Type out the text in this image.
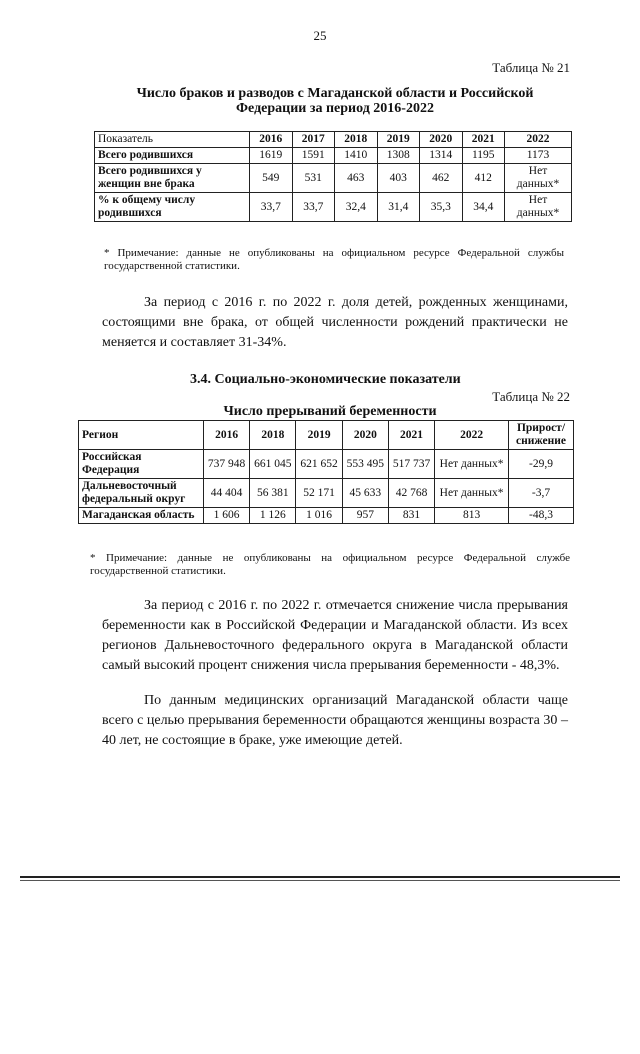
25
Таблица № 21
Число браков и разводов с Магаданской области и Российской Федерации за период 2016-2022
Показатель	2016	2017	2018	2019	2020	2021	2022
Всего родившихся	1619	1591	1410	1308	1314	1195	1173
Всего родившихся у женщин вне брака	549	531	463	403	462	412	Нет данных*
% к общему числу родившихся	33,7	33,7	32,4	31,4	35,3	34,4	Нет данных*
* Примечание: данные не опубликованы на официальном ресурсе Федеральной службы государственной статистики.
За период с 2016 г. по 2022 г. доля детей, рожденных женщинами, состоящими вне брака, от общей численности рождений практически не меняется и составляет 31-34%.
3.4. Социально-экономические показатели
Таблица № 22
Число прерываний беременности
Регион	2016	2018	2019	2020	2021	2022	Прирост/ снижение
Российская Федерация	737 948	661 045	621 652	553 495	517 737	Нет данных*	-29,9
Дальневосточный федеральный округ	44 404	56 381	52 171	45 633	42 768	Нет данных*	-3,7
Магаданская область	1 606	1 126	1 016	957	831	813	-48,3
* Примечание: данные не опубликованы на официальном ресурсе Федеральной службе государственной статистики.
За период с 2016 г. по 2022 г. отмечается снижение числа прерывания беременности как в Российской Федерации и Магаданской области. Из всех регионов Дальневосточного федерального округа в Магаданской области самый высокий процент снижения числа прерывания беременности - 48,3%.
По данным медицинских организаций Магаданской области чаще всего с целью прерывания беременности обращаются женщины возраста 30 – 40 лет, не состоящие в браке, уже имеющие детей.
